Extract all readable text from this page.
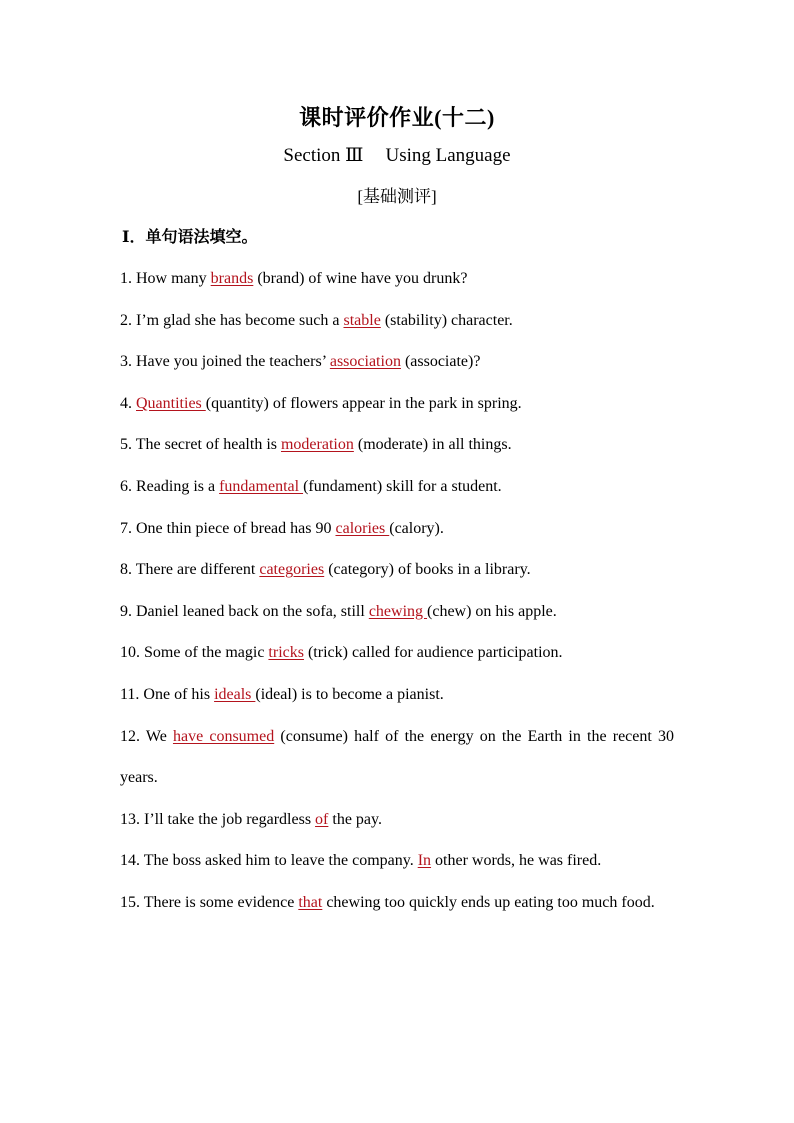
课时评价作业(十二)

Section Ⅲ Using Language

[基础测评]

Ⅰ．单句语法填空。

1. How many brands (brand) of wine have you drunk?
2. I’m glad she has become such a stable (stability) character.
3. Have you joined the teachers’ association (associate)?
4. Quantities (quantity) of flowers appear in the park in spring.
5. The secret of health is moderation (moderate) in all things.
6. Reading is a fundamental (fundament) skill for a student.
7. One thin piece of bread has 90 calories (calory).
8. There are different categories (category) of books in a library.
9. Daniel leaned back on the sofa, still chewing (chew) on his apple.
10. Some of the magic tricks (trick) called for audience participation.
11. One of his ideals (ideal) is to become a pianist.
12. We have consumed (consume) half of the energy on the Earth in the recent 30 years.
13. I’ll take the job regardless of the pay.
14. The boss asked him to leave the company. In other words, he was fired.
15. There is some evidence that chewing too quickly ends up eating too much food.
